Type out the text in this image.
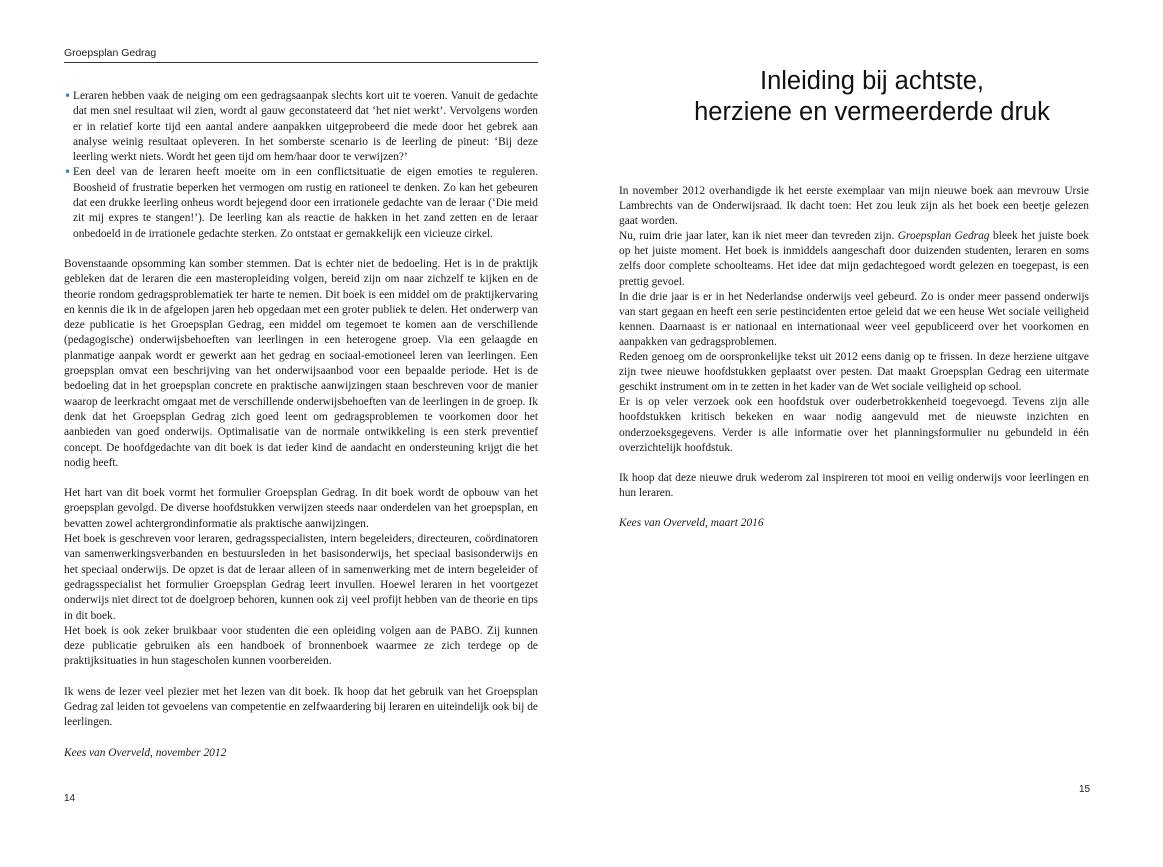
Groepsplan Gedrag
• Leraren hebben vaak de neiging om een gedragsaanpak slechts kort uit te voeren. Vanuit de gedachte dat men snel resultaat wil zien, wordt al gauw geconstateerd dat ‘het niet werkt’. Vervolgens worden er in relatief korte tijd een aantal andere aanpakken uitgeprobeerd die mede door het gebrek aan analyse weinig resultaat opleveren. In het somberste scenario is de leerling de pineut: ‘Bij deze leerling werkt niets. Wordt het geen tijd om hem/haar door te verwijzen?’
• Een deel van de leraren heeft moeite om in een conflictsituatie de eigen emoties te reguleren. Boosheid of frustratie beperken het vermogen om rustig en rationeel te denken. Zo kan het gebeuren dat een drukke leerling onheus wordt bejegend door een irrationele gedachte van de leraar (‘Die meid zit mij expres te stangen!’). De leerling kan als reactie de hakken in het zand zetten en de leraar onbedoeld in de irrationele gedachte sterken. Zo ontstaat er gemakkelijk een vicieuze cirkel.

Bovenstaande opsomming kan somber stemmen. Dat is echter niet de bedoeling. Het is in de praktijk gebleken dat de leraren die een masteropleiding volgen, bereid zijn om naar zichzelf te kijken en de theorie rondom gedragsproblematiek ter harte te nemen. Dit boek is een middel om de praktijkervaring en kennis die ik in de afgelopen jaren heb opgedaan met een groter publiek te delen. Het onderwerp van deze publicatie is het Groepsplan Gedrag, een middel om tegemoet te komen aan de verschillende (pedagogische) onderwijsbehoeften van leerlingen in een heterogene groep. Via een gelaagde en planmatige aanpak wordt er gewerkt aan het gedrag en sociaal-emotioneel leren van leerlingen. Een groepsplan omvat een beschrijving van het onderwijsaanbod voor een bepaalde periode. Het is de bedoeling dat in het groepsplan concrete en praktische aanwijzingen staan beschreven voor de manier waarop de leerkracht omgaat met de verschillende onderwijsbehoeften van de leerlingen in de groep. Ik denk dat het Groepsplan Gedrag zich goed leent om gedragsproblemen te voorkomen door het aanbieden van goed onderwijs. Optimalisatie van de normale ontwikkeling is een sterk preventief concept. De hoofdgedachte van dit boek is dat ieder kind de aandacht en ondersteuning krijgt die het nodig heeft.

Het hart van dit boek vormt het formulier Groepsplan Gedrag. In dit boek wordt de opbouw van het groepsplan gevolgd. De diverse hoofdstukken verwijzen steeds naar onderdelen van het groepsplan, en bevatten zowel achtergrondinformatie als praktische aanwijzingen.

Het boek is geschreven voor leraren, gedragsspecialisten, intern begeleiders, directeuren, coördinatoren van samenwerkingsverbanden en bestuursleden in het basisonderwijs, het speciaal basisonderwijs en het speciaal onderwijs. De opzet is dat de leraar alleen of in samenwerking met de intern begeleider of gedragsspecialist het formulier Groepsplan Gedrag leert invullen. Hoewel leraren in het voortgezet onderwijs niet direct tot de doelgroep behoren, kunnen ook zij veel profijt hebben van de theorie en tips in dit boek.

Het boek is ook zeker bruikbaar voor studenten die een opleiding volgen aan de PABO. Zij kunnen deze publicatie gebruiken als een handboek of bronnenboek waarmee ze zich terdege op de praktijksituaties in hun stagescholen kunnen voorbereiden.

Ik wens de lezer veel plezier met het lezen van dit boek. Ik hoop dat het gebruik van het Groepsplan Gedrag zal leiden tot gevoelens van competentie en zelfwaardering bij leraren en uiteindelijk ook bij de leerlingen.

Kees van Overveld, november 2012

14
Inleiding bij achtste,
herziene en vermeerderde druk

In november 2012 overhandigde ik het eerste exemplaar van mijn nieuwe boek aan mevrouw Ursie Lambrechts van de Onderwijsraad. Ik dacht toen: Het zou leuk zijn als het boek een beetje gelezen gaat worden.

Nu, ruim drie jaar later, kan ik niet meer dan tevreden zijn. Groepsplan Gedrag bleek het juiste boek op het juiste moment. Het boek is inmiddels aangeschaft door duizenden studenten, leraren en soms zelfs door complete schoolteams. Het idee dat mijn gedachtegoed wordt gelezen en toegepast, is een prettig gevoel.

In die drie jaar is er in het Nederlandse onderwijs veel gebeurd. Zo is onder meer passend onderwijs van start gegaan en heeft een serie pestincidenten ertoe geleid dat we een heuse Wet sociale veiligheid kennen. Daarnaast is er nationaal en internationaal weer veel gepubliceerd over het voorkomen en aanpakken van gedragsproblemen.

Reden genoeg om de oorspronkelijke tekst uit 2012 eens danig op te frissen. In deze herziene uitgave zijn twee nieuwe hoofdstukken geplaatst over pesten. Dat maakt Groepsplan Gedrag een uitermate geschikt instrument om in te zetten in het kader van de Wet sociale veiligheid op school.

Er is op veler verzoek ook een hoofdstuk over ouderbetrokkenheid toegevoegd. Tevens zijn alle hoofdstukken kritisch bekeken en waar nodig aangevuld met de nieuwste inzichten en onderzoeksgegevens. Verder is alle informatie over het planningsformulier nu gebundeld in één overzichtelijk hoofdstuk.

Ik hoop dat deze nieuwe druk wederom zal inspireren tot mooi en veilig onderwijs voor leerlingen en hun leraren.

Kees van Overveld, maart 2016

15
